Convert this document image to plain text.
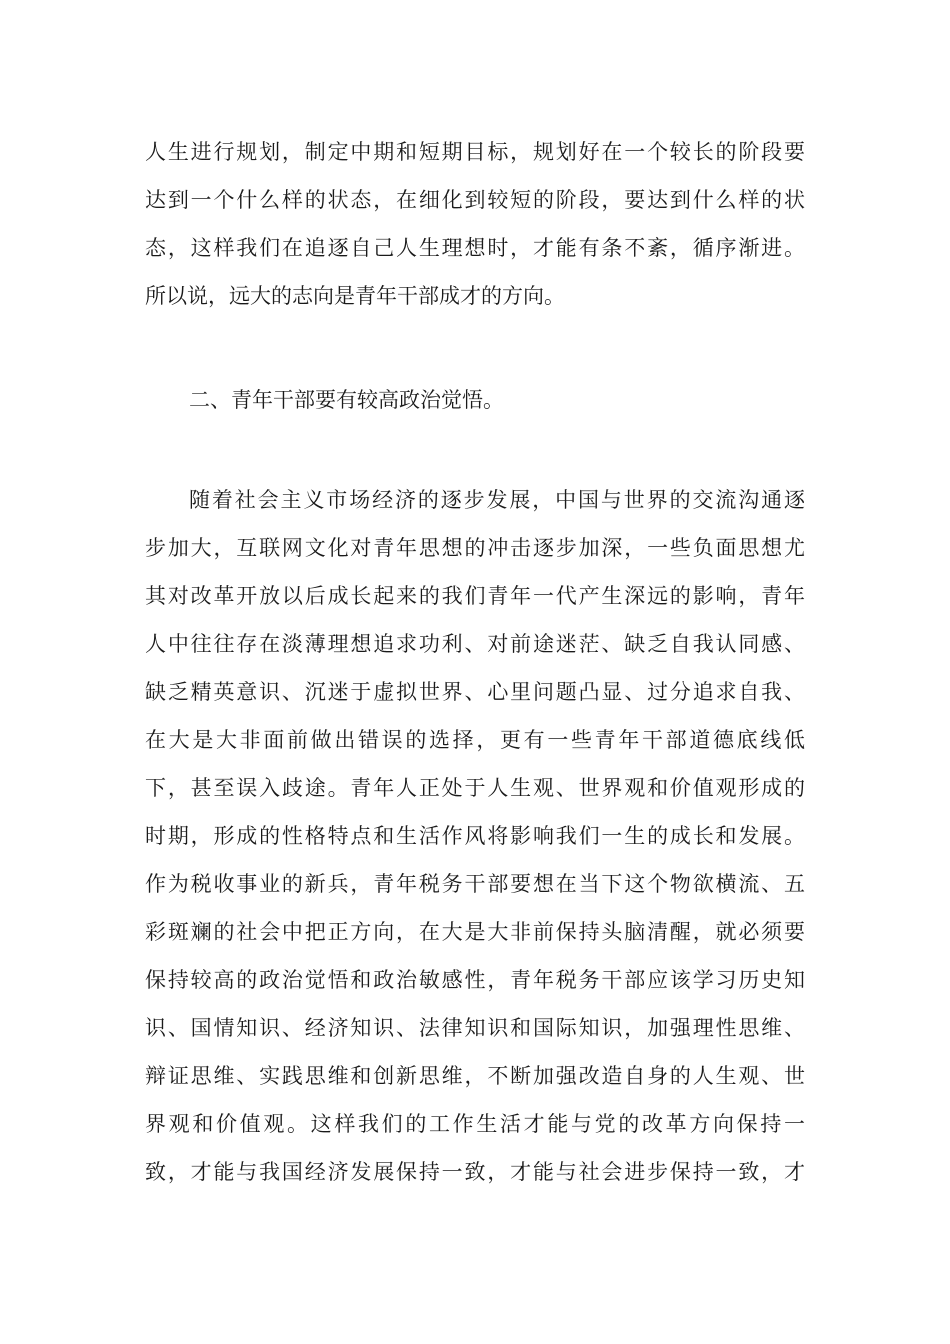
人生进行规划，制定中期和短期目标，规划好在一个较长的阶段要
达到一个什么样的状态，在细化到较短的阶段，要达到什么样的状
态，这样我们在追逐自己人生理想时，才能有条不紊，循序渐进。
所以说，远大的志向是青年干部成才的方向。
二、青年干部要有较高政治觉悟。
随着社会主义市场经济的逐步发展，中国与世界的交流沟通逐
步加大，互联网文化对青年思想的冲击逐步加深，一些负面思想尤
其对改革开放以后成长起来的我们青年一代产生深远的影响，青年
人中往往存在淡薄理想追求功利、对前途迷茫、缺乏自我认同感、
缺乏精英意识、沉迷于虚拟世界、心里问题凸显、过分追求自我、
在大是大非面前做出错误的选择，更有一些青年干部道德底线低
下，甚至误入歧途。青年人正处于人生观、世界观和价值观形成的
时期，形成的性格特点和生活作风将影响我们一生的成长和发展。
作为税收事业的新兵，青年税务干部要想在当下这个物欲横流、五
彩斑斓的社会中把正方向，在大是大非前保持头脑清醒，就必须要
保持较高的政治觉悟和政治敏感性，青年税务干部应该学习历史知
识、国情知识、经济知识、法律知识和国际知识，加强理性思维、
辩证思维、实践思维和创新思维，不断加强改造自身的人生观、世
界观和价值观。这样我们的工作生活才能与党的改革方向保持一
致，才能与我国经济发展保持一致，才能与社会进步保持一致，才
